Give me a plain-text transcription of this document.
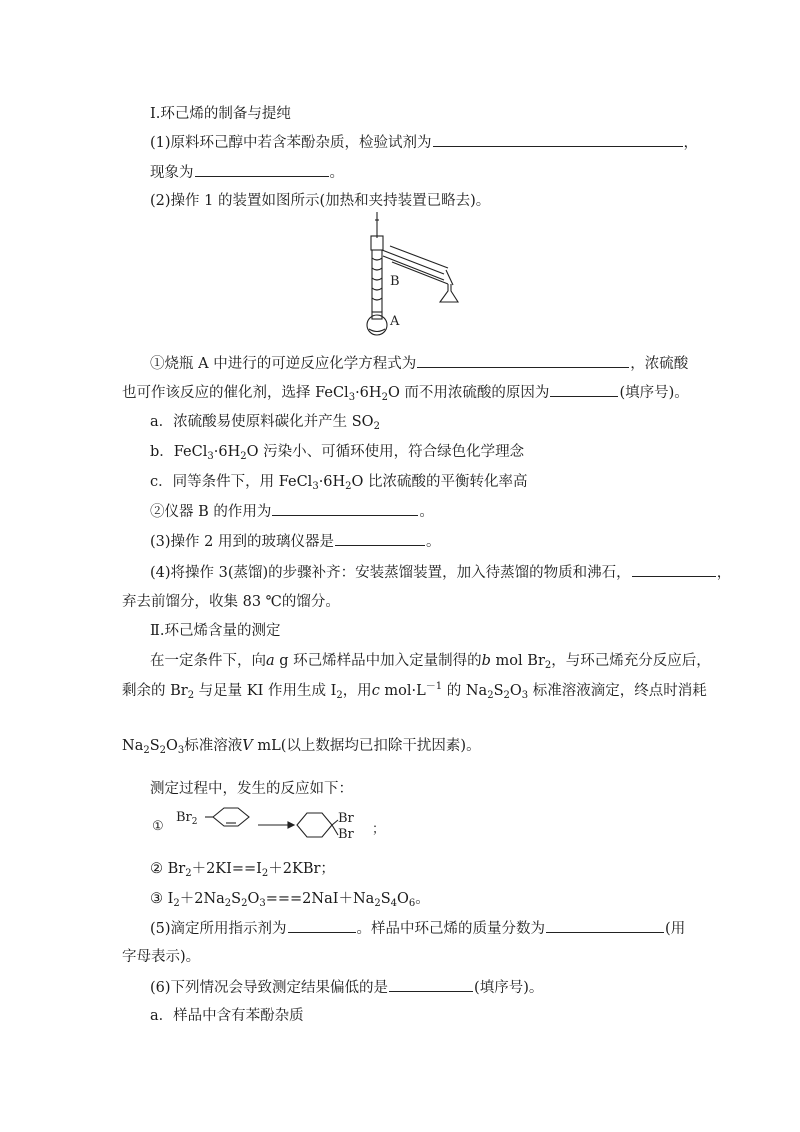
Ⅰ.环己烯的制备与提纯
(1)原料环己醇中若含苯酚杂质，检验试剂为	，
现象为	。
(2)操作 1 的装置如图所示(加热和夹持装置已略去)。
B
A
①烧瓶 A 中进行的可逆反应化学方程式为	，浓硫酸
也可作该反应的催化剂，选择 $FeCl_3\cdot 6H_2O$ 而不用浓硫酸的原因为	(填序号)。
a．浓硫酸易使原料碳化并产生 $SO_2$
b．$FeCl_3\cdot 6H_2O$ 污染小、可循环使用，符合绿色化学理念
c．同等条件下，用 $FeCl_3\cdot 6H_2O$ 比浓硫酸的平衡转化率高
②仪器 B 的作用为	。
(3)操作 2 用到的玻璃仪器是	。
(4)将操作 3(蒸馏)的步骤补齐：安装蒸馏装置，加入待蒸馏的物质和沸石，	，
弃去前馏分，收集 83 ℃的馏分。
Ⅱ.环己烯含量的测定
在一定条件下，向a g 环己烯样品中加入定量制得的b mol $Br_2$，与环己烯充分反应后，
剩余的 $Br_2$ 与足量 KI 作用生成 $I_2$，用c $mol\cdot L^{-1}$ 的 $Na_2S_2O_3$ 标准溶液滴定，终点时消耗
$Na_2S_2O_3$标准溶液V mL(以上数据均已扣除干扰因素)。
测定过程中，发生的反应如下：
①
$Br_2$	Br
Br ；
② $Br_2+2KI==I_2+2KBr$；
③ $I_2+2Na_2S_2O_3===2NaI+Na_2S_4O_6$。
(5)滴定所用指示剂为	。样品中环己烯的质量分数为	(用
字母表示)。
(6)下列情况会导致测定结果偏低的是	(填序号)。
a．样品中含有苯酚杂质
